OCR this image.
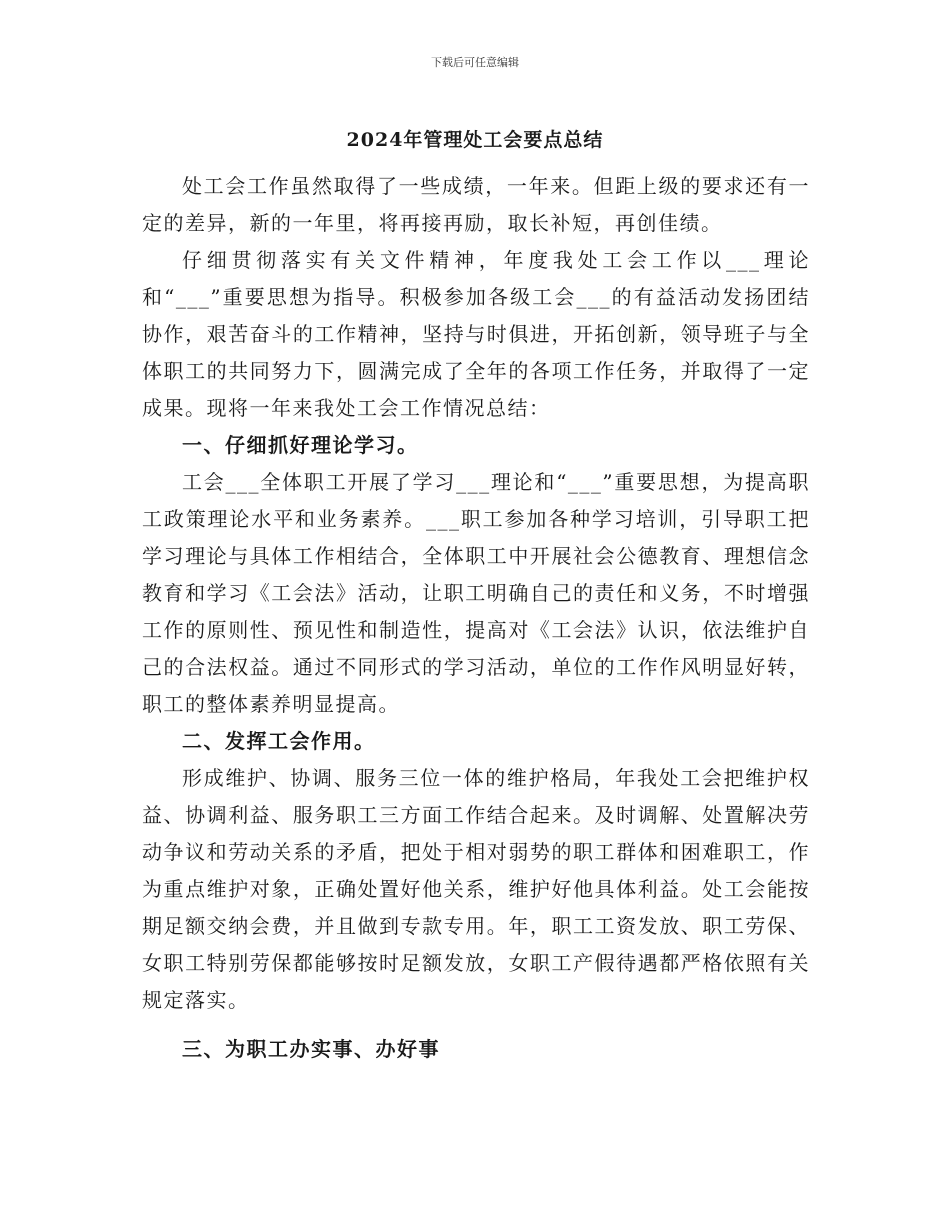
下载后可任意编辑
2024年管理处工会要点总结

处工会工作虽然取得了一些成绩，一年来。但距上级的要求还有一定的差异，新的一年里，将再接再励，取长补短，再创佳绩。

仔细贯彻落实有关文件精神，年度我处工会工作以___理论和“___”重要思想为指导。积极参加各级工会___的有益活动发扬团结协作，艰苦奋斗的工作精神，坚持与时俱进，开拓创新，领导班子与全体职工的共同努力下，圆满完成了全年的各项工作任务，并取得了一定成果。现将一年来我处工会工作情况总结：

一、仔细抓好理论学习。

工会___全体职工开展了学习___理论和“___”重要思想，为提高职工政策理论水平和业务素养。___职工参加各种学习培训，引导职工把学习理论与具体工作相结合，全体职工中开展社会公德教育、理想信念教育和学习《工会法》活动，让职工明确自己的责任和义务，不时增强工作的原则性、预见性和制造性，提高对《工会法》认识，依法维护自己的合法权益。通过不同形式的学习活动，单位的工作作风明显好转，职工的整体素养明显提高。

二、发挥工会作用。

形成维护、协调、服务三位一体的维护格局，年我处工会把维护权益、协调利益、服务职工三方面工作结合起来。及时调解、处置解决劳动争议和劳动关系的矛盾，把处于相对弱势的职工群体和困难职工，作为重点维护对象，正确处置好他关系，维护好他具体利益。处工会能按期足额交纳会费，并且做到专款专用。年，职工工资发放、职工劳保、女职工特别劳保都能够按时足额发放，女职工产假待遇都严格依照有关规定落实。

三、为职工办实事、办好事
